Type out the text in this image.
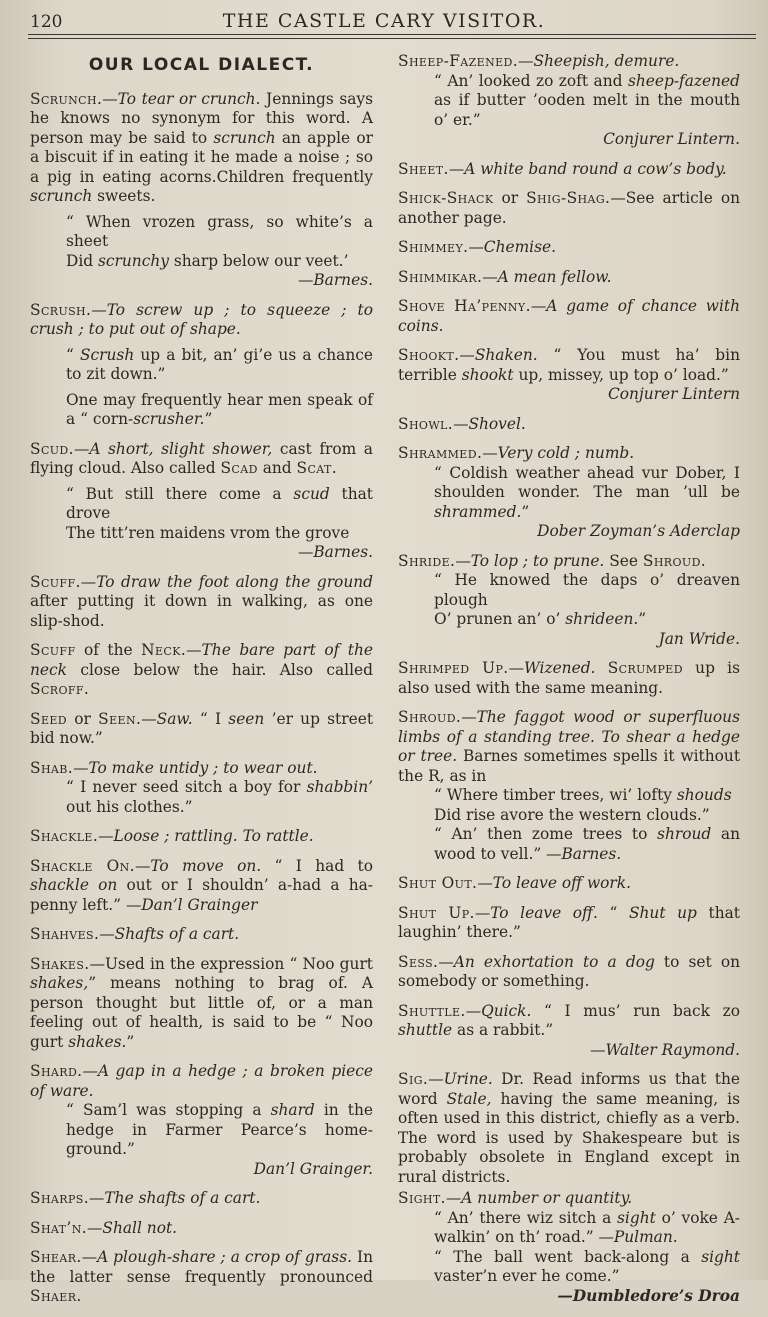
120	THE CASTLE CARY VISITOR.
OUR LOCAL DIALECT.
Scrunch.—To tear or crunch. Jennings says he knows no synonym for this word. A person may be said to scrunch an apple or a biscuit if in eating it he made a noise ; so a pig in eating acorns.Children frequently scrunch sweets.
“ When vrozen grass, so white’s a sheet
Did scrunchy sharp below our veet.’
—Barnes.
Scrush.—To screw up ; to squeeze ; to crush ; to put out of shape.
“ Scrush up a bit, an’ gi’e us a chance to zit down.”
One may frequently hear men speak of a “ corn-scrusher.”
Scud.—A short, slight shower, cast from a flying cloud. Also called Scad and Scat.
“ But still there come a scud that drove
The titt’ren maidens vrom the grove
—Barnes.
Scuff.—To draw the foot along the ground after putting it down in walking, as one slip-shod.
Scuff of the Neck.—The bare part of the neck close below the hair. Also called Scroff.
Seed or Seen.—Saw. “ I seen ’er up street bid now.”
Shab.—To make untidy ; to wear out.
“ I never seed sitch a boy for shabbin’ out his clothes.”
Shackle.—Loose ; rattling. To rattle.
Shackle On.—To move on. “ I had to shackle on out or I shouldn’ a-had a ha-penny left.” —Dan’l Grainger
Shahves.—Shafts of a cart.
Shakes.—Used in the expression “ Noo gurt shakes,” means nothing to brag of. A person thought but little of, or a man feeling out of health, is said to be “ Noo gurt shakes.”
Shard.—A gap in a hedge ; a broken piece of ware.
“ Sam’l was stopping a shard in the hedge in Farmer Pearce’s home-ground.”
Dan’l Grainger.
Sharps.—The shafts of a cart.
Shat’n.—Shall not.
Shear.—A plough-share ; a crop of grass. In the latter sense frequently pronounced Shaer.
Sheep-Fazened.—Sheepish, demure.
“ An’ looked zo zoft and sheep-fazened as if butter ’ooden melt in the mouth o’ er.”
Conjurer Lintern.
Sheet.—A white band round a cow’s body.
Shick-Shack or Shig-Shag.—See article on another page.
Shimmey.—Chemise.
Shimmikar.—A mean fellow.
Shove Ha’penny.—A game of chance with coins.
Shookt.—Shaken. “ You must ha’ bin terrible shookt up, missey, up top o’ load.”
Conjurer Lintern
Showl.—Shovel.
Shrammed.—Very cold ; numb.
“ Coldish weather ahead vur Dober, I shoulden wonder. The man ’ull be shrammed.”
Dober Zoyman’s Aderclap
Shride.—To lop ; to prune. See Shroud.
“ He knowed the daps o’ dreaven plough
O’ prunen an’ o’ shrideen.”
Jan Wride.
Shrimped Up.—Wizened. Scrumped up is also used with the same meaning.
Shroud.—The faggot wood or superfluous limbs of a standing tree. To shear a hedge or tree. Barnes sometimes spells it without the R, as in
“ Where timber trees, wi’ lofty shouds
Did rise avore the western clouds.”
“ An’ then zome trees to shroud an wood to vell.” —Barnes.
Shut Out.—To leave off work.
Shut Up.—To leave off. “ Shut up that laughin’ there.”
Sess.—An exhortation to a dog to set on somebody or something.
Shuttle.—Quick. “ I mus’ run back zo shuttle as a rabbit.”
—Walter Raymond.
Sig.—Urine. Dr. Read informs us that the word Stale, having the same meaning, is often used in this district, chiefly as a verb. The word is used by Shakespeare but is probably obsolete in England except in rural districts.
Sight.—A number or quantity.
“ An’ there wiz sitch a sight o’ voke A-walkin’ on th’ road.” —Pulman.
“ The ball went back-along a sight vaster’n ever he come.”
—Dumbledore’s Droa
